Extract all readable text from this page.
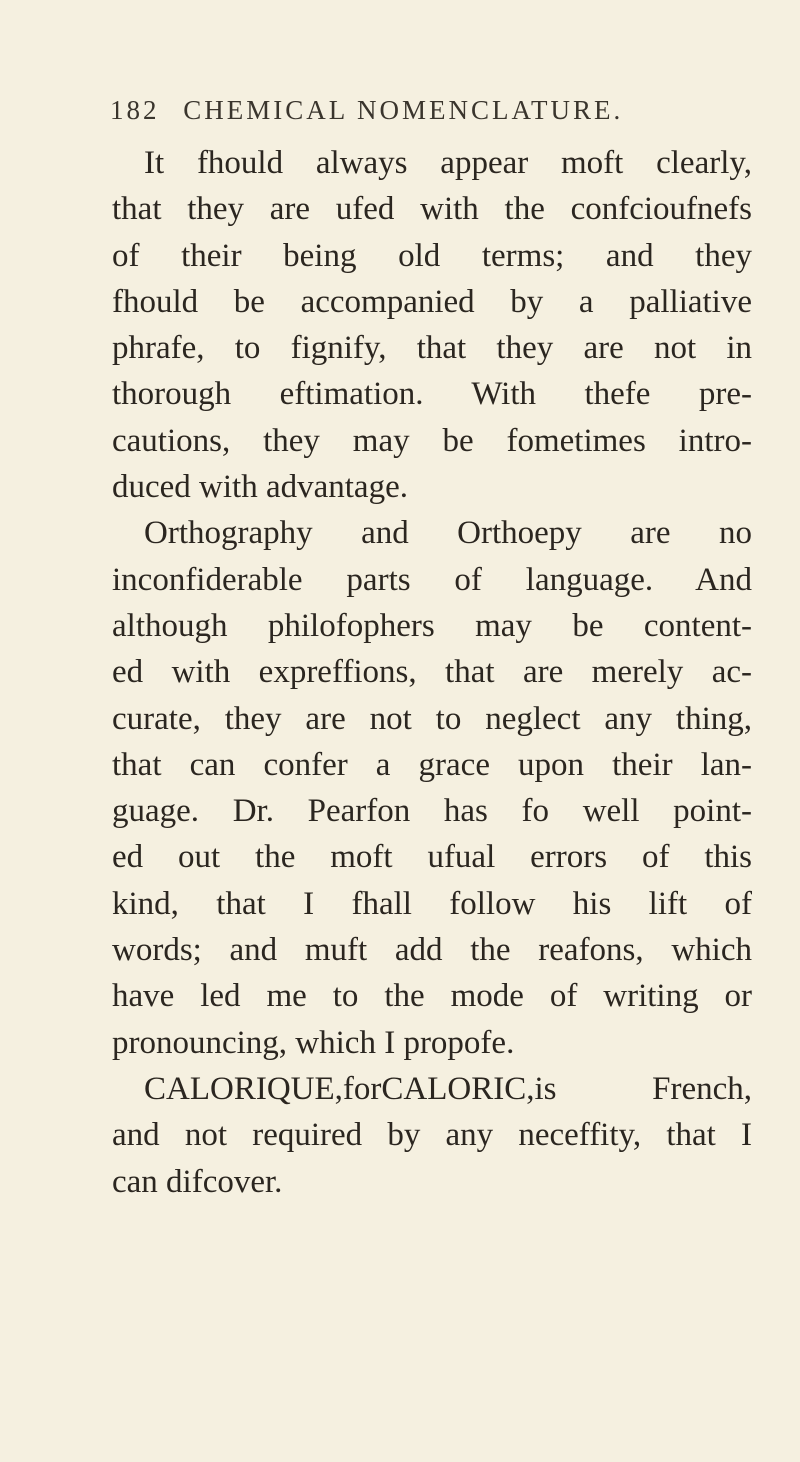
182 CHEMICAL NOMENCLATURE.
It fhould always appear moft clearly,
that they are ufed with the confcioufnefs
of their being old terms; and they
fhould be accompanied by a palliative
phrafe, to fignify, that they are not in
thorough eftimation. With thefe pre-
cautions, they may be fometimes intro-
duced with advantage.
Orthography and Orthoepy are no
inconfiderable parts of language. And
although philofophers may be content-
ed with expreffions, that are merely ac-
curate, they are not to neglect any thing,
that can confer a grace upon their lan-
guage. Dr. Pearfon has fo well point-
ed out the moft ufual errors of this
kind, that I fhall follow his lift of
words; and muft add the reafons, which
have led me to the mode of writing or
pronouncing, which I propofe.
CALORIQUE,forCALORIC,is French,
and not required by any neceffity, that I
can difcover.
